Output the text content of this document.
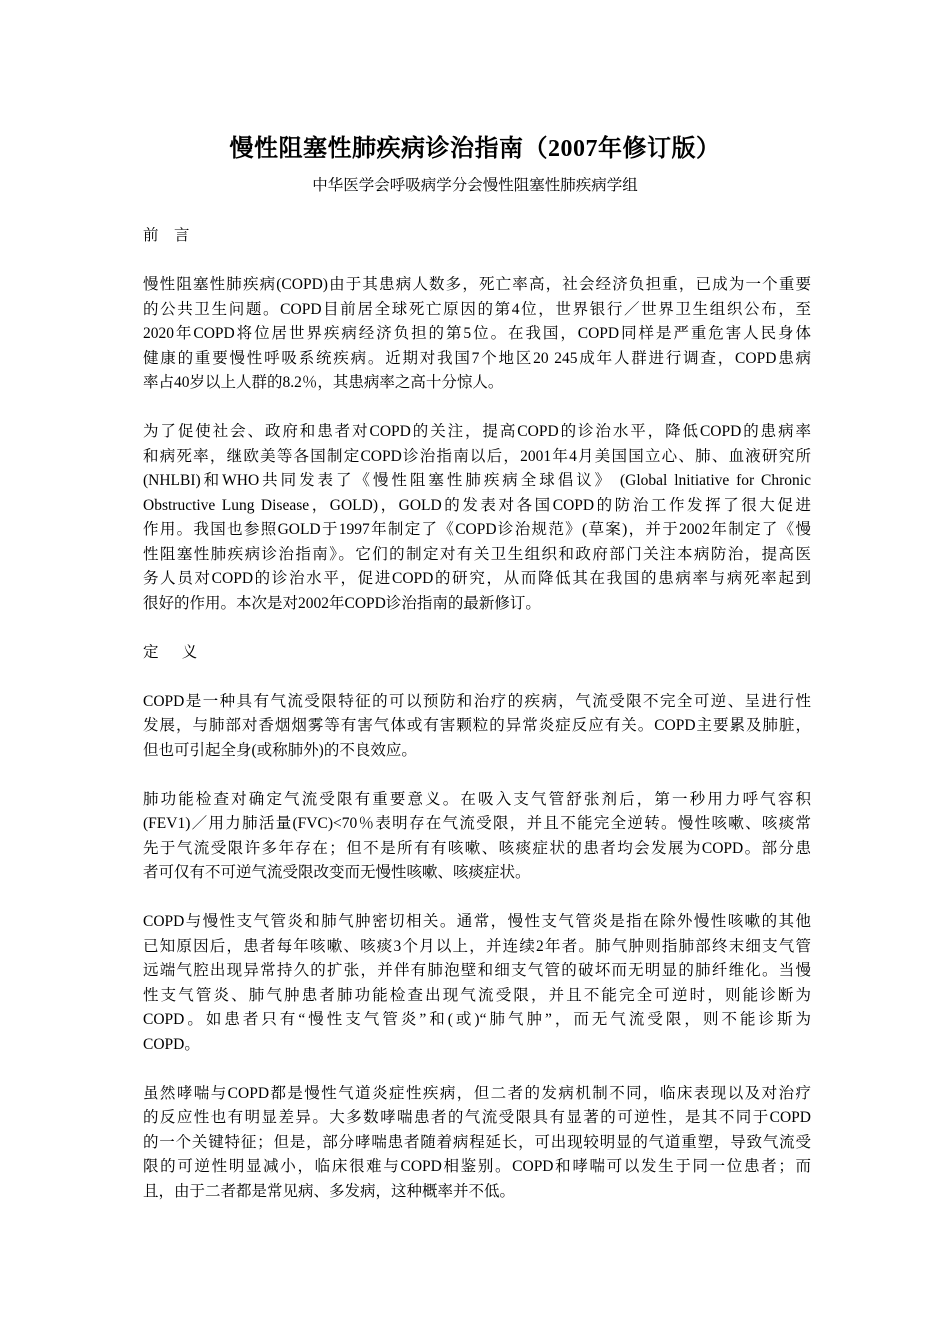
慢性阻塞性肺疾病诊治指南（2007年修订版）
中华医学会呼吸病学分会慢性阻塞性肺疾病学组
前    言
慢性阻塞性肺疾病(COPD)由于其患病人数多，死亡率高，社会经济负担重，已成为一个重要
的公共卫生问题。COPD目前居全球死亡原因的第4位，世界银行／世界卫生组织公布，至
2020年COPD将位居世界疾病经济负担的第5位。在我国，COPD同样是严重危害人民身体
健康的重要慢性呼吸系统疾病。近期对我国7个地区20 245成年人群进行调查，COPD患病
率占40岁以上人群的8.2％，其患病率之高十分惊人。
为了促使社会、政府和患者对COPD的关注，提高COPD的诊治水平，降低COPD的患病率
和病死率，继欧美等各国制定COPD诊治指南以后，2001年4月美国国立心、肺、血液研究所
(NHLBI)和WHO共同发表了《慢性阻塞性肺疾病全球倡议》 (Global lnitiative for Chronic
Obstructive Lung Disease，GOLD)，GOLD的发表对各国COPD的防治工作发挥了很大促进
作用。我国也参照GOLD于1997年制定了《COPD诊治规范》(草案)，并于2002年制定了《慢
性阻塞性肺疾病诊治指南》。它们的制定对有关卫生组织和政府部门关注本病防治，提高医
务人员对COPD的诊治水平，促进COPD的研究，从而降低其在我国的患病率与病死率起到
很好的作用。本次是对2002年COPD诊治指南的最新修订。
定      义
COPD是一种具有气流受限特征的可以预防和治疗的疾病，气流受限不完全可逆、呈进行性
发展，与肺部对香烟烟雾等有害气体或有害颗粒的异常炎症反应有关。COPD主要累及肺脏，
但也可引起全身(或称肺外)的不良效应。
肺功能检查对确定气流受限有重要意义。在吸入支气管舒张剂后，第一秒用力呼气容积
(FEV1)／用力肺活量(FVC)<70％表明存在气流受限，并且不能完全逆转。慢性咳嗽、咳痰常
先于气流受限许多年存在；但不是所有有咳嗽、咳痰症状的患者均会发展为COPD。部分患
者可仅有不可逆气流受限改变而无慢性咳嗽、咳痰症状。
COPD与慢性支气管炎和肺气肿密切相关。通常，慢性支气管炎是指在除外慢性咳嗽的其他
已知原因后，患者每年咳嗽、咳痰3个月以上，并连续2年者。肺气肿则指肺部终末细支气管
远端气腔出现异常持久的扩张，并伴有肺泡壁和细支气管的破坏而无明显的肺纤维化。当慢
性支气管炎、肺气肿患者肺功能检查出现气流受限，并且不能完全可逆时，则能诊断为
COPD。如患者只有“慢性支气管炎”和(或)“肺气肿”，而无气流受限，则不能诊斯为
COPD。
虽然哮喘与COPD都是慢性气道炎症性疾病，但二者的发病机制不同，临床表现以及对治疗
的反应性也有明显差异。大多数哮喘患者的气流受限具有显著的可逆性，是其不同于COPD
的一个关键特征；但是，部分哮喘患者随着病程延长，可出现较明显的气道重塑，导致气流受
限的可逆性明显减小，临床很难与COPD相鉴别。COPD和哮喘可以发生于同一位患者；而
且，由于二者都是常见病、多发病，这种概率并不低。
